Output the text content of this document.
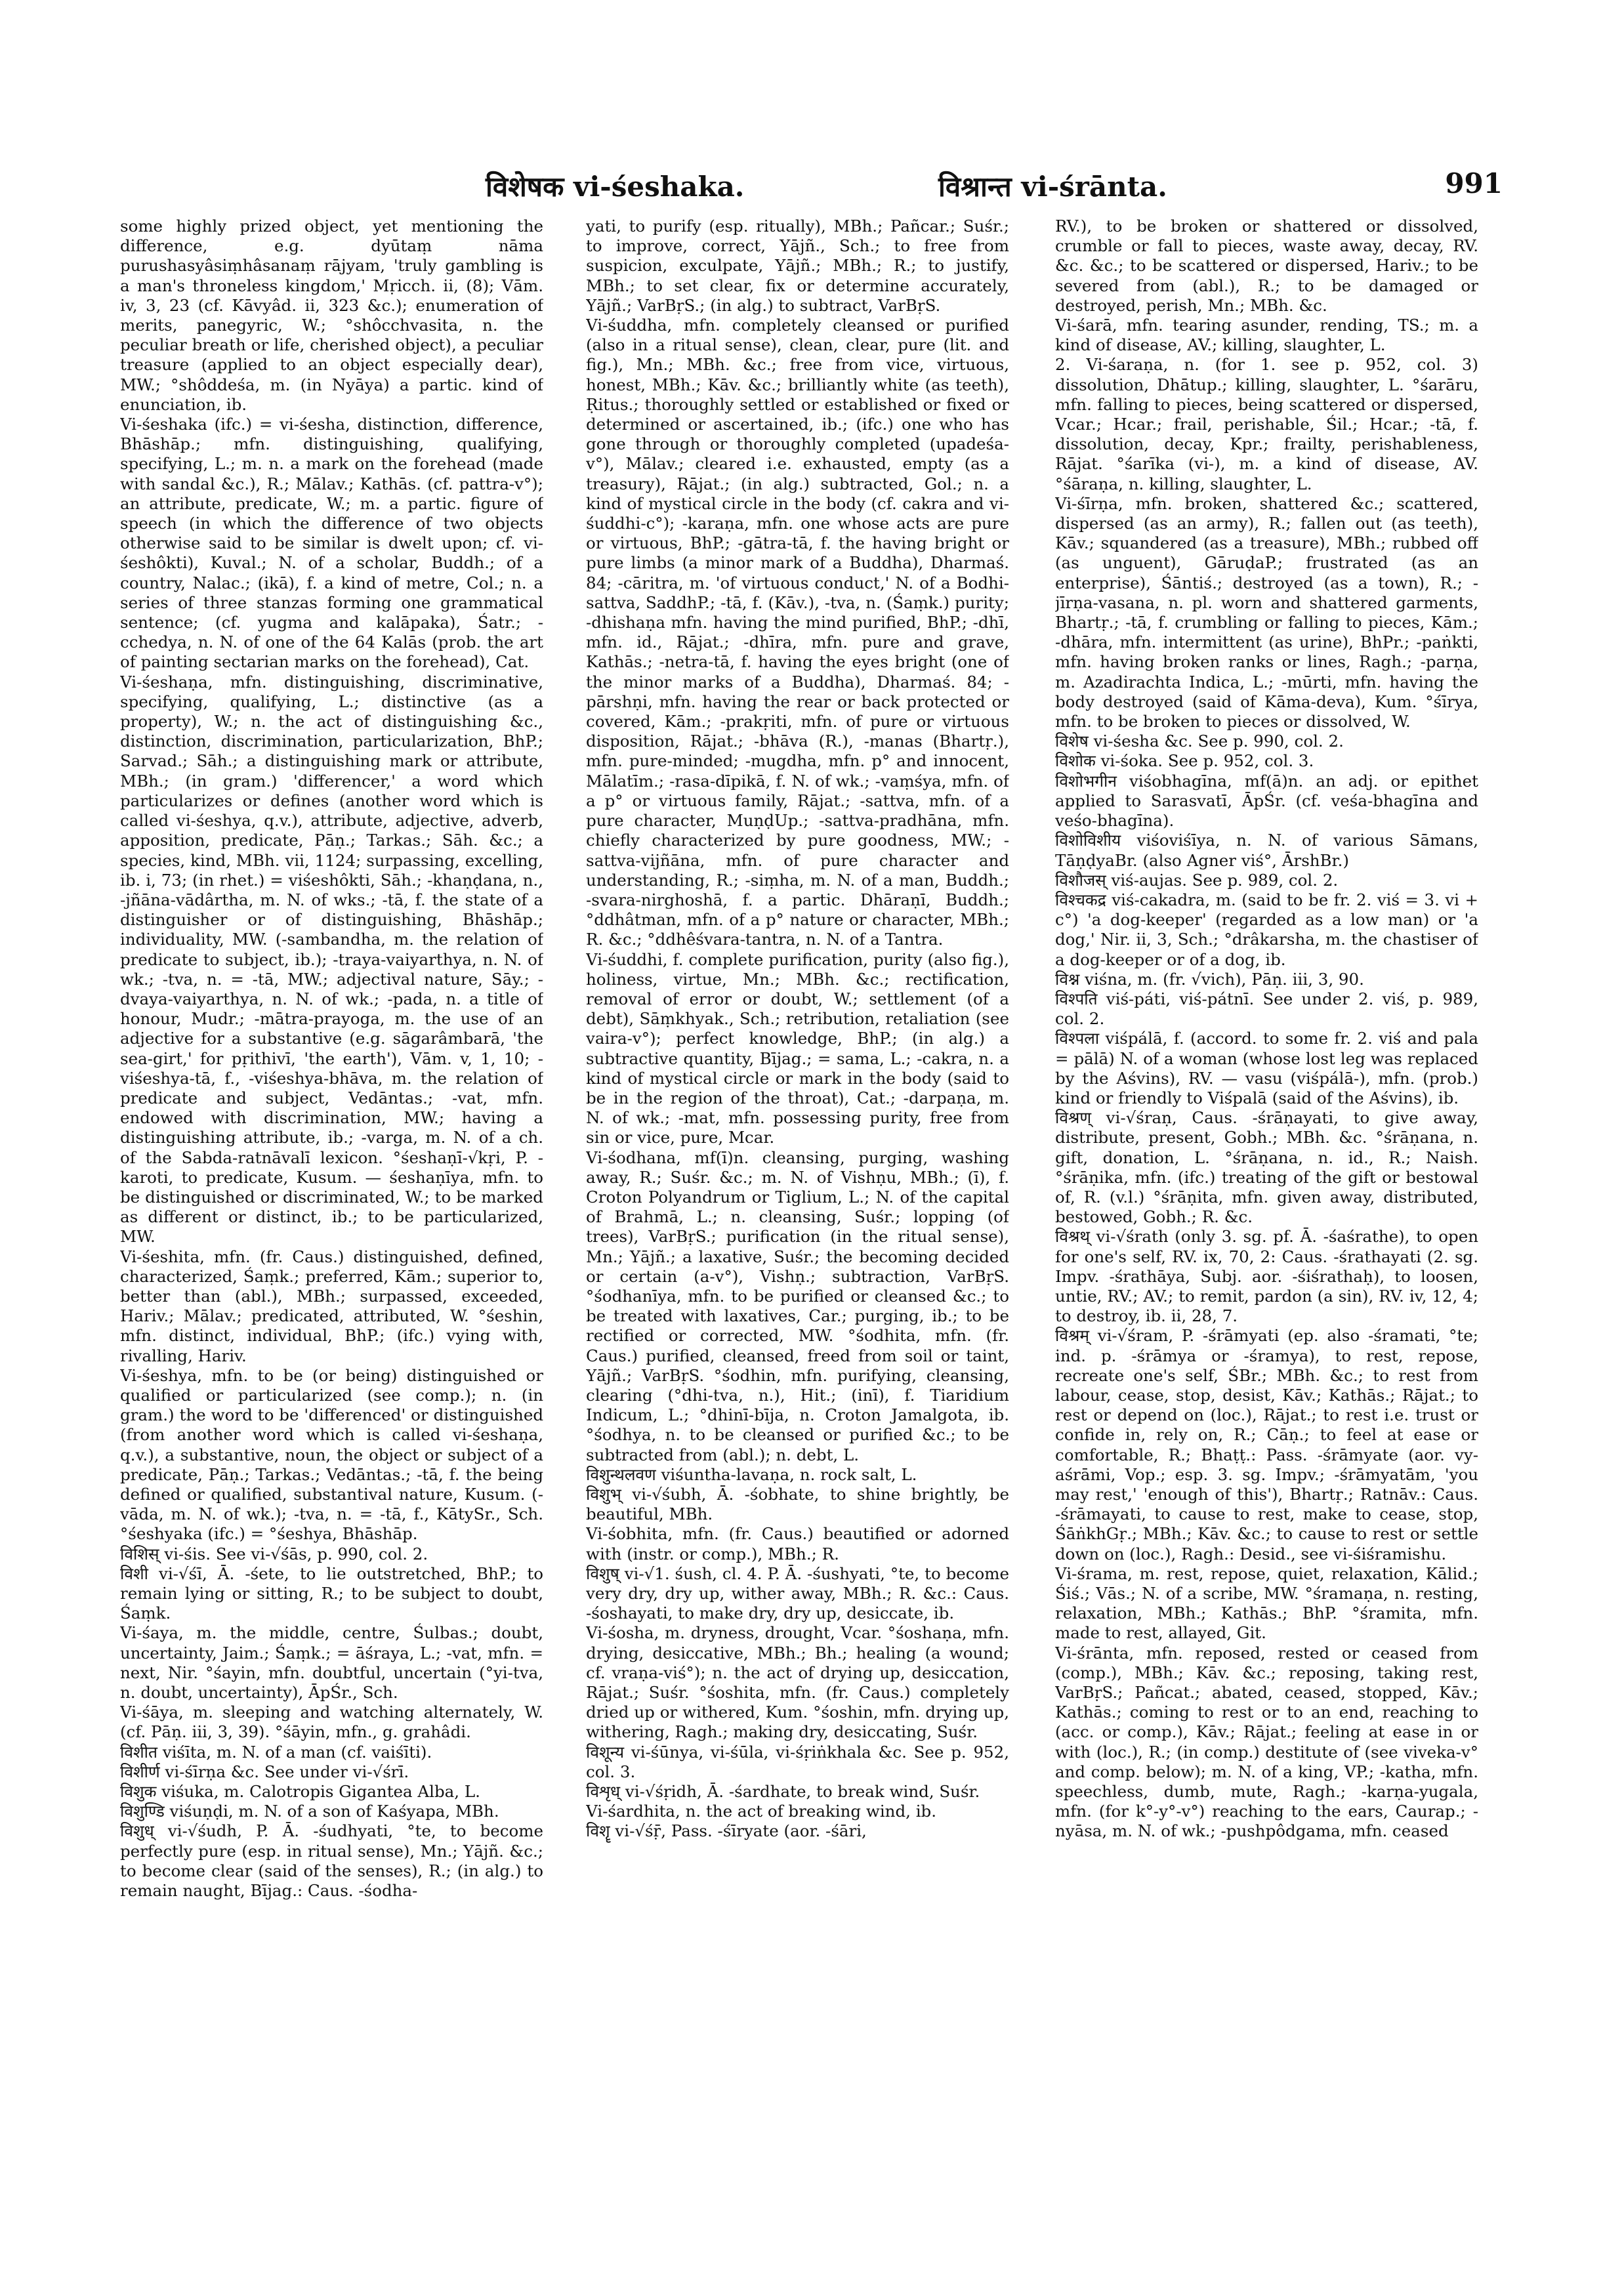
विशेषक vi-śeshaka.	विश्रान्त vi-śrānta.	991

some highly prized object, yet mentioning the difference, e.g. dyūtaṃ nāma purushasyâsiṃhâsanaṃ rājyam, 'truly gambling is a man's throneless kingdom,' Mṛicch. ii, (8); Vām. iv, 3, 23 (cf. Kāvyâd. ii, 323 &c.); enumeration of merits, panegyric, W.; °shôcchvasita, n. the peculiar breath or life, cherished object), a peculiar treasure (applied to an object especially dear), MW.; °shôddeśa, m. (in Nyāya) a partic. kind of enunciation, ib.

Vi-śeshaka (ifc.) = vi-śesha, distinction, difference, Bhāshāp.; mfn. distinguishing, qualifying, specifying, L.; m. n. a mark on the forehead (made with sandal &c.), R.; Mālav.; Kathās. (cf. pattra-v°); an attribute, predicate, W.; m. a partic. figure of speech (in which the difference of two objects otherwise said to be similar is dwelt upon; cf. vi-śeshôkti), Kuval.; N. of a scholar, Buddh.; of a country, Nalac.; (ikā), f. a kind of metre, Col.; n. a series of three stanzas forming one grammatical sentence; (cf. yugma and kalāpaka), Śatr.; -cchedya, n. N. of one of the 64 Kalās (prob. the art of painting sectarian marks on the forehead), Cat.

Vi-śeshaṇa, mfn. distinguishing, discriminative, specifying, qualifying, L.; distinctive (as a property), W.; n. the act of distinguishing &c., distinction, discrimination, particularization, BhP.; Sarvad.; Sāh.; a distinguishing mark or attribute, MBh.; (in gram.) 'differencer,' a word which particularizes or defines (another word which is called vi-śeshya, q.v.), attribute, adjective, adverb, apposition, predicate, Pāṇ.; Tarkas.; Sāh. &c.; a species, kind, MBh. vii, 1124; surpassing, excelling, ib. i, 73; (in rhet.) = viśeshôkti, Sāh.; -khaṇḍana, n., -jñāna-vādârtha, m. N. of wks.; -tā, f. the state of a distinguisher or of distinguishing, Bhāshāp.; individuality, MW. (-sambandha, m. the relation of predicate to subject, ib.); -traya-vaiyarthya, n. N. of wk.; -tva, n. = -tā, MW.; adjectival nature, Sāy.; -dvaya-vaiyarthya, n. N. of wk.; -pada, n. a title of honour, Mudr.; -mātra-prayoga, m. the use of an adjective for a substantive (e.g. sāgarâmbarā, 'the sea-girt,' for pṛithivī, 'the earth'), Vām. v, 1, 10; -viśeshya-tā, f., -viśeshya-bhāva, m. the relation of predicate and subject, Vedāntas.; -vat, mfn. endowed with discrimination, MW.; having a distinguishing attribute, ib.; -varga, m. N. of a ch. of the Sabda-ratnāvalī lexicon. °śeshaṇī-√kṛi, P. -karoti, to predicate, Kusum. — śeshaṇīya, mfn. to be distinguished or discriminated, W.; to be marked as different or distinct, ib.; to be particularized, MW.

Vi-śeshita, mfn. (fr. Caus.) distinguished, defined, characterized, Śaṃk.; preferred, Kām.; superior to, better than (abl.), MBh.; surpassed, exceeded, Hariv.; Mālav.; predicated, attributed, W. °śeshin, mfn. distinct, individual, BhP.; (ifc.) vying with, rivalling, Hariv.

Vi-śeshya, mfn. to be (or being) distinguished or qualified or particularized (see comp.); n. (in gram.) the word to be 'differenced' or distinguished (from another word which is called vi-śeshaṇa, q.v.), a substantive, noun, the object or subject of a predicate, Pāṇ.; Tarkas.; Vedāntas.; -tā, f. the being defined or qualified, substantival nature, Kusum. (-vāda, m. N. of wk.); -tva, n. = -tā, f., KātySr., Sch. °śeshyaka (ifc.) = °śeshya, Bhāshāp.

विशिस् vi-śis. See vi-√śās, p. 990, col. 2.

विशी vi-√śī, Ā. -śete, to lie outstretched, BhP.; to remain lying or sitting, R.; to be subject to doubt, Śaṃk.

Vi-śaya, m. the middle, centre, Śulbas.; doubt, uncertainty, Jaim.; Śaṃk.; = āśraya, L.; -vat, mfn. = next, Nir. °śayin, mfn. doubtful, uncertain (°yi-tva, n. doubt, uncertainty), ĀpŚr., Sch.

Vi-śāya, m. sleeping and watching alternately, W. (cf. Pāṇ. iii, 3, 39). °śāyin, mfn., g. grahâdi.

विशीत viśīta, m. N. of a man (cf. vaiśīti).

विशीर्ण vi-śīrṇa &c. See under vi-√śrī.

विशुक viśuka, m. Calotropis Gigantea Alba, L.

विशुण्डि viśuṇḍi, m. N. of a son of Kaśyapa, MBh.

विशुध् vi-√śudh, P. Ā. -śudhyati, °te, to become perfectly pure (esp. in ritual sense), Mn.; Yājñ. &c.; to become clear (said of the senses), R.; (in alg.) to remain naught, Bījag.: Caus. -śodha-

yati, to purify (esp. ritually), MBh.; Pañcar.; Suśr.; to improve, correct, Yājñ., Sch.; to free from suspicion, exculpate, Yājñ.; MBh.; R.; to justify, MBh.; to set clear, fix or determine accurately, Yājñ.; VarBṛS.; (in alg.) to subtract, VarBṛS.

Vi-śuddha, mfn. completely cleansed or purified (also in a ritual sense), clean, clear, pure (lit. and fig.), Mn.; MBh. &c.; free from vice, virtuous, honest, MBh.; Kāv. &c.; brilliantly white (as teeth), Ṛitus.; thoroughly settled or established or fixed or determined or ascertained, ib.; (ifc.) one who has gone through or thoroughly completed (upadeśa-v°), Mālav.; cleared i.e. exhausted, empty (as a treasury), Rājat.; (in alg.) subtracted, Gol.; n. a kind of mystical circle in the body (cf. cakra and vi-śuddhi-c°); -karaṇa, mfn. one whose acts are pure or virtuous, BhP.; -gātra-tā, f. the having bright or pure limbs (a minor mark of a Buddha), Dharmaś. 84; -cāritra, m. 'of virtuous conduct,' N. of a Bodhi-sattva, SaddhP.; -tā, f. (Kāv.), -tva, n. (Śaṃk.) purity; -dhishaṇa mfn. having the mind purified, BhP.; -dhī, mfn. id., Rājat.; -dhīra, mfn. pure and grave, Kathās.; -netra-tā, f. having the eyes bright (one of the minor marks of a Buddha), Dharmaś. 84; -pārshṇi, mfn. having the rear or back protected or covered, Kām.; -prakṛiti, mfn. of pure or virtuous disposition, Rājat.; -bhāva (R.), -manas (Bhartṛ.), mfn. pure-minded; -mugdha, mfn. p° and innocent, Mālatīm.; -rasa-dīpikā, f. N. of wk.; -vaṃśya, mfn. of a p° or virtuous family, Rājat.; -sattva, mfn. of a pure character, MuṇḍUp.; -sattva-pradhāna, mfn. chiefly characterized by pure goodness, MW.; -sattva-vijñāna, mfn. of pure character and understanding, R.; -siṃha, m. N. of a man, Buddh.; -svara-nirghoshā, f. a partic. Dhāraṇī, Buddh.; °ddhâtman, mfn. of a p° nature or character, MBh.; R. &c.; °ddhêśvara-tantra, n. N. of a Tantra.

Vi-śuddhi, f. complete purification, purity (also fig.), holiness, virtue, Mn.; MBh. &c.; rectification, removal of error or doubt, W.; settlement (of a debt), Sāṃkhyak., Sch.; retribution, retaliation (see vaira-v°); perfect knowledge, BhP.; (in alg.) a subtractive quantity, Bījag.; = sama, L.; -cakra, n. a kind of mystical circle or mark in the body (said to be in the region of the throat), Cat.; -darpaṇa, m. N. of wk.; -mat, mfn. possessing purity, free from sin or vice, pure, Mcar.

Vi-śodhana, mf(ī)n. cleansing, purging, washing away, R.; Suśr. &c.; m. N. of Vishṇu, MBh.; (ī), f. Croton Polyandrum or Tiglium, L.; N. of the capital of Brahmā, L.; n. cleansing, Suśr.; lopping (of trees), VarBṛS.; purification (in the ritual sense), Mn.; Yājñ.; a laxative, Suśr.; the becoming decided or certain (a-v°), Vishṇ.; subtraction, VarBṛS. °śodhanīya, mfn. to be purified or cleansed &c.; to be treated with laxatives, Car.; purging, ib.; to be rectified or corrected, MW. °śodhita, mfn. (fr. Caus.) purified, cleansed, freed from soil or taint, Yājñ.; VarBṛS. °śodhin, mfn. purifying, cleansing, clearing (°dhi-tva, n.), Hit.; (inī), f. Tiaridium Indicum, L.; °dhinī-bīja, n. Croton Jamalgota, ib. °śodhya, n. to be cleansed or purified &c.; to be subtracted from (abl.); n. debt, L.

विशुन्थलवण viśuntha-lavaṇa, n. rock salt, L.

विशुभ् vi-√śubh, Ā. -śobhate, to shine brightly, be beautiful, MBh.

Vi-śobhita, mfn. (fr. Caus.) beautified or adorned with (instr. or comp.), MBh.; R.

विशुष् vi-√1. śush, cl. 4. P. Ā. -śushyati, °te, to become very dry, dry up, wither away, MBh.; R. &c.: Caus. -śoshayati, to make dry, dry up, desiccate, ib.

Vi-śosha, m. dryness, drought, Vcar. °śoshaṇa, mfn. drying, desiccative, MBh.; Bh.; healing (a wound; cf. vraṇa-viś°); n. the act of drying up, desiccation, Rājat.; Suśr. °śoshita, mfn. (fr. Caus.) completely dried up or withered, Kum. °śoshin, mfn. drying up, withering, Ragh.; making dry, desiccating, Suśr.

विशून्य vi-śūnya, vi-śūla, vi-śṛiṅkhala &c. See p. 952, col. 3.

विशृध् vi-√śṛidh, Ā. -śardhate, to break wind, Suśr.

Vi-śardhita, n. the act of breaking wind, ib.

विशॄ vi-√śṝ, Pass. -śīryate (aor. -śāri,

RV.), to be broken or shattered or dissolved, crumble or fall to pieces, waste away, decay, RV. &c. &c.; to be scattered or dispersed, Hariv.; to be severed from (abl.), R.; to be damaged or destroyed, perish, Mn.; MBh. &c.

Vi-śarā, mfn. tearing asunder, rending, TS.; m. a kind of disease, AV.; killing, slaughter, L.

2. Vi-śaraṇa, n. (for 1. see p. 952, col. 3) dissolution, Dhātup.; killing, slaughter, L. °śarāru, mfn. falling to pieces, being scattered or dispersed, Vcar.; Hcar.; frail, perishable, Śil.; Hcar.; -tā, f. dissolution, decay, Kpr.; frailty, perishableness, Rājat. °śarīka (vi-), m. a kind of disease, AV. °śāraṇa, n. killing, slaughter, L.

Vi-śīrṇa, mfn. broken, shattered &c.; scattered, dispersed (as an army), R.; fallen out (as teeth), Kāv.; squandered (as a treasure), MBh.; rubbed off (as unguent), GāruḍaP.; frustrated (as an enterprise), Śāntiś.; destroyed (as a town), R.; -jīrṇa-vasana, n. pl. worn and shattered garments, Bhartṛ.; -tā, f. crumbling or falling to pieces, Kām.; -dhāra, mfn. intermittent (as urine), BhPr.; -paṅkti, mfn. having broken ranks or lines, Ragh.; -parṇa, m. Azadirachta Indica, L.; -mūrti, mfn. having the body destroyed (said of Kāma-deva), Kum. °śīrya, mfn. to be broken to pieces or dissolved, W.

विशेष vi-śesha &c. See p. 990, col. 2.

विशोक vi-śoka. See p. 952, col. 3.

विशोभगीन viśobhagīna, mf(ā)n. an adj. or epithet applied to Sarasvatī, ĀpŚr. (cf. veśa-bhagīna and veśo-bhagīna).

विशोविशीय viśoviśīya, n. N. of various Sāmans, TāṇḍyaBr. (also Agner viś°, ĀrshBr.)

विशौजस् viś-aujas. See p. 989, col. 2.

विश्चकद्र viś-cakadra, m. (said to be fr. 2. viś = 3. vi + c°) 'a dog-keeper' (regarded as a low man) or 'a dog,' Nir. ii, 3, Sch.; °drâkarsha, m. the chastiser of a dog-keeper or of a dog, ib.

विश्न viśna, m. (fr. √vich), Pāṇ. iii, 3, 90.

विश्पति viś-páti, viś-pátnī. See under 2. viś, p. 989, col. 2.

विश्पला viśpálā, f. (accord. to some fr. 2. viś and pala = pālā) N. of a woman (whose lost leg was replaced by the Aśvins), RV. — vasu (viśpálā-), mfn. (prob.) kind or friendly to Viśpalā (said of the Aśvins), ib.

विश्रण् vi-√śraṇ, Caus. -śrāṇayati, to give away, distribute, present, Gobh.; MBh. &c. °śrāṇana, n. gift, donation, L. °śrāṇana, n. id., R.; Naish. °śrāṇika, mfn. (ifc.) treating of the gift or bestowal of, R. (v.l.) °śrāṇita, mfn. given away, distributed, bestowed, Gobh.; R. &c.

विश्रथ् vi-√śrath (only 3. sg. pf. Ā. -śaśrathe), to open for one's self, RV. ix, 70, 2: Caus. -śrathayati (2. sg. Impv. -śrathāya, Subj. aor. -śiśrathaḥ), to loosen, untie, RV.; AV.; to remit, pardon (a sin), RV. iv, 12, 4; to destroy, ib. ii, 28, 7.

विश्रम् vi-√śram, P. -śrāmyati (ep. also -śramati, °te; ind. p. -śrāmya or -śramya), to rest, repose, recreate one's self, ŚBr.; MBh. &c.; to rest from labour, cease, stop, desist, Kāv.; Kathās.; Rājat.; to rest or depend on (loc.), Rājat.; to rest i.e. trust or confide in, rely on, R.; Cāṇ.; to feel at ease or comfortable, R.; Bhaṭṭ.: Pass. -śrāmyate (aor. vy-aśrāmi, Vop.; esp. 3. sg. Impv.; -śrāmyatām, 'you may rest,' 'enough of this'), Bhartṛ.; Ratnāv.: Caus. -śrāmayati, to cause to rest, make to cease, stop, ŚāṅkhGṛ.; MBh.; Kāv. &c.; to cause to rest or settle down on (loc.), Ragh.: Desid., see vi-śiśramishu.

Vi-śrama, m. rest, repose, quiet, relaxation, Kālid.; Śiś.; Vās.; N. of a scribe, MW. °śramaṇa, n. resting, relaxation, MBh.; Kathās.; BhP. °śramita, mfn. made to rest, allayed, Git.

Vi-śrānta, mfn. reposed, rested or ceased from (comp.), MBh.; Kāv. &c.; reposing, taking rest, VarBṛS.; Pañcat.; abated, ceased, stopped, Kāv.; Kathās.; coming to rest or to an end, reaching to (acc. or comp.), Kāv.; Rājat.; feeling at ease in or with (loc.), R.; (in comp.) destitute of (see viveka-v° and comp. below); m. N. of a king, VP.; -katha, mfn. speechless, dumb, mute, Ragh.; -karṇa-yugala, mfn. (for k°-y°-v°) reaching to the ears, Caurap.; -nyāsa, m. N. of wk.; -pushpôdgama, mfn. ceased
